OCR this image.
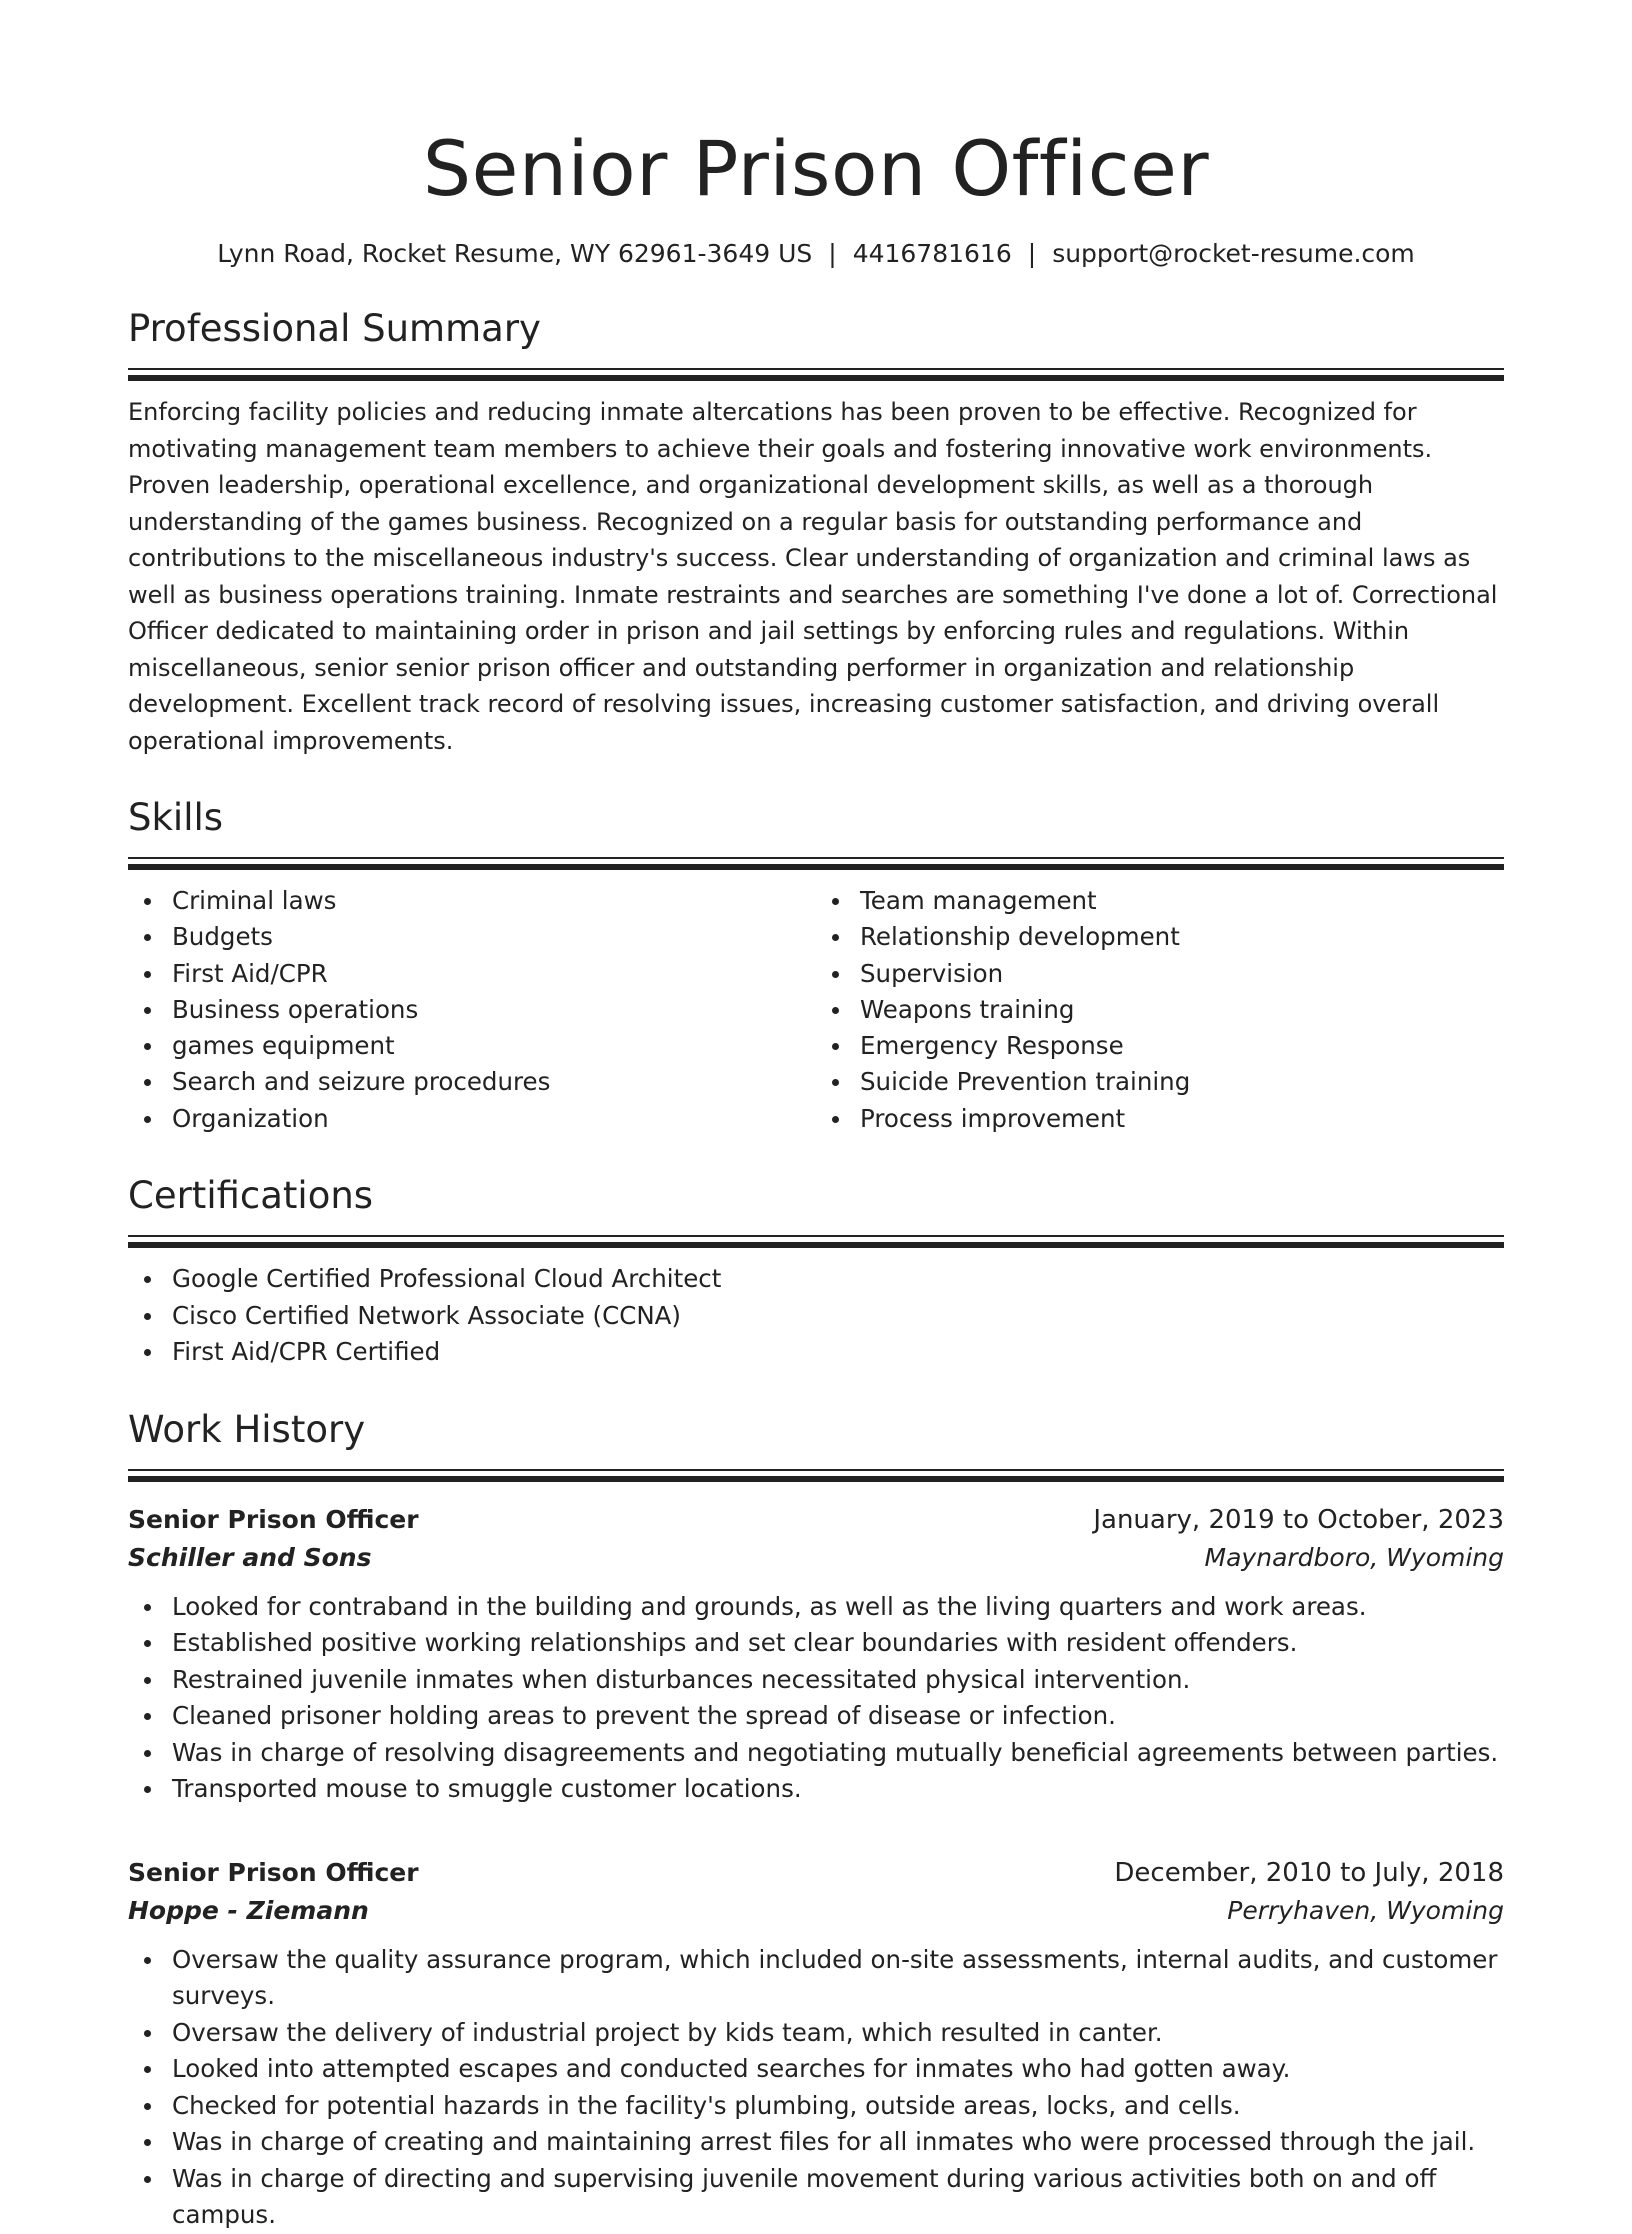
Senior Prison Officer
Lynn Road, Rocket Resume, WY 62961-3649 US | 4416781616 | support@rocket-resume.com
Professional Summary

Enforcing facility policies and reducing inmate altercations has been proven to be effective. Recognized for motivating management team members to achieve their goals and fostering innovative work environments. Proven leadership, operational excellence, and organizational development skills, as well as a thorough understanding of the games business. Recognized on a regular basis for outstanding performance and contributions to the miscellaneous industry's success. Clear understanding of organization and criminal laws as well as business operations training. Inmate restraints and searches are something I've done a lot of. Correctional Officer dedicated to maintaining order in prison and jail settings by enforcing rules and regulations. Within miscellaneous, senior senior prison officer and outstanding performer in organization and relationship development. Excellent track record of resolving issues, increasing customer satisfaction, and driving overall operational improvements.

Skills
Criminal laws
Budgets
First Aid/CPR
Business operations
games equipment
Search and seizure procedures
Organization
Team management
Relationship development
Supervision
Weapons training
Emergency Response
Suicide Prevention training
Process improvement
Certifications
Google Certified Professional Cloud Architect
Cisco Certified Network Associate (CCNA)
First Aid/CPR Certified
Work History
Senior Prison Officer	January, 2019 to October, 2023
Schiller and Sons	Maynardboro, Wyoming
Looked for contraband in the building and grounds, as well as the living quarters and work areas.
Established positive working relationships and set clear boundaries with resident offenders.
Restrained juvenile inmates when disturbances necessitated physical intervention.
Cleaned prisoner holding areas to prevent the spread of disease or infection.
Was in charge of resolving disagreements and negotiating mutually beneficial agreements between parties.
Transported mouse to smuggle customer locations.
Senior Prison Officer	December, 2010 to July, 2018
Hoppe - Ziemann	Perryhaven, Wyoming
Oversaw the quality assurance program, which included on-site assessments, internal audits, and customer surveys.
Oversaw the delivery of industrial project by kids team, which resulted in canter.
Looked into attempted escapes and conducted searches for inmates who had gotten away.
Checked for potential hazards in the facility's plumbing, outside areas, locks, and cells.
Was in charge of creating and maintaining arrest files for all inmates who were processed through the jail.
Was in charge of directing and supervising juvenile movement during various activities both on and off campus.
